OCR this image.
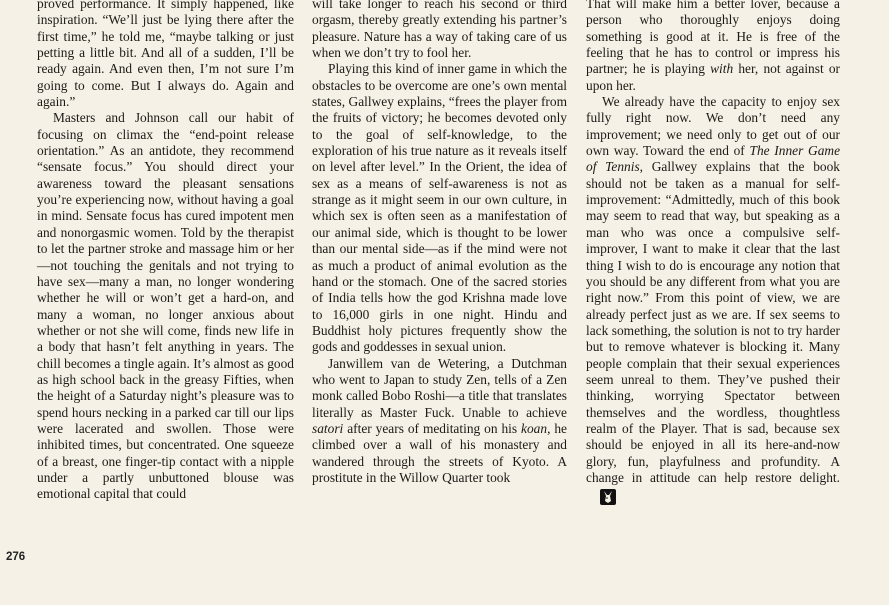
proved performance. It simply happened, like inspiration. “We’ll just be lying there after the first time,” he told me, “maybe talking or just petting a little bit. And all of a sudden, I’ll be ready again. And even then, I’m not sure I’m going to come. But I always do. Again and again.”

Masters and Johnson call our habit of focusing on climax the “end-point release orientation.” As an antidote, they recommend “sensate focus.” You should direct your awareness toward the pleasant sensations you’re experiencing now, without having a goal in mind. Sensate focus has cured impotent men and nonorgasmic women. Told by the therapist to let the partner stroke and massage him or her—not touching the genitals and not trying to have sex—many a man, no longer wondering whether he will or won’t get a hard-on, and many a woman, no longer anxious about whether or not she will come, finds new life in a body that hasn’t felt anything in years. The chill becomes a tingle again. It’s almost as good as high school back in the greasy Fifties, when the height of a Saturday night’s pleasure was to spend hours necking in a parked car till our lips were lacerated and swollen. Those were inhibited times, but concentrated. One squeeze of a breast, one finger-tip contact with a nipple under a partly unbuttoned blouse was emotional capital that could

will take longer to reach his second or third orgasm, thereby greatly extending his partner’s pleasure. Nature has a way of taking care of us when we don’t try to fool her.

Playing this kind of inner game in which the obstacles to be overcome are one’s own mental states, Gallwey explains, “frees the player from the fruits of victory; he becomes devoted only to the goal of self-knowledge, to the exploration of his true nature as it reveals itself on level after level.” In the Orient, the idea of sex as a means of self-awareness is not as strange as it might seem in our own culture, in which sex is often seen as a manifestation of our animal side, which is thought to be lower than our mental side—as if the mind were not as much a product of animal evolution as the hand or the stomach. One of the sacred stories of India tells how the god Krishna made love to 16,000 girls in one night. Hindu and Buddhist holy pictures frequently show the gods and goddesses in sexual union.

Janwillem van de Wetering, a Dutchman who went to Japan to study Zen, tells of a Zen monk called Bobo Roshi—a title that translates literally as Master Fuck. Unable to achieve satori after years of meditating on his koan, he climbed over a wall of his monastery and wandered through the streets of Kyoto. A prostitute in the Willow Quarter took

That will make him a better lover, because a person who thoroughly enjoys doing something is good at it. He is free of the feeling that he has to control or impress his partner; he is playing with her, not against or upon her.

We already have the capacity to enjoy sex fully right now. We don’t need any improvement; we need only to get out of our own way. Toward the end of The Inner Game of Tennis, Gallwey explains that the book should not be taken as a manual for self-improvement: “Admittedly, much of this book may seem to read that way, but speaking as a man who was once a compulsive self-improver, I want to make it clear that the last thing I wish to do is encourage any notion that you should be any different from what you are right now.” From this point of view, we are already perfect just as we are. If sex seems to lack something, the solution is not to try harder but to remove whatever is blocking it. Many people complain that their sexual experiences seem unreal to them. They’ve pushed their thinking, worrying Spectator between themselves and the wordless, thoughtless realm of the Player. That is sad, because sex should be enjoyed in all its here-and-now glory, fun, playfulness and profundity. A change in attitude can help restore delight.

276
